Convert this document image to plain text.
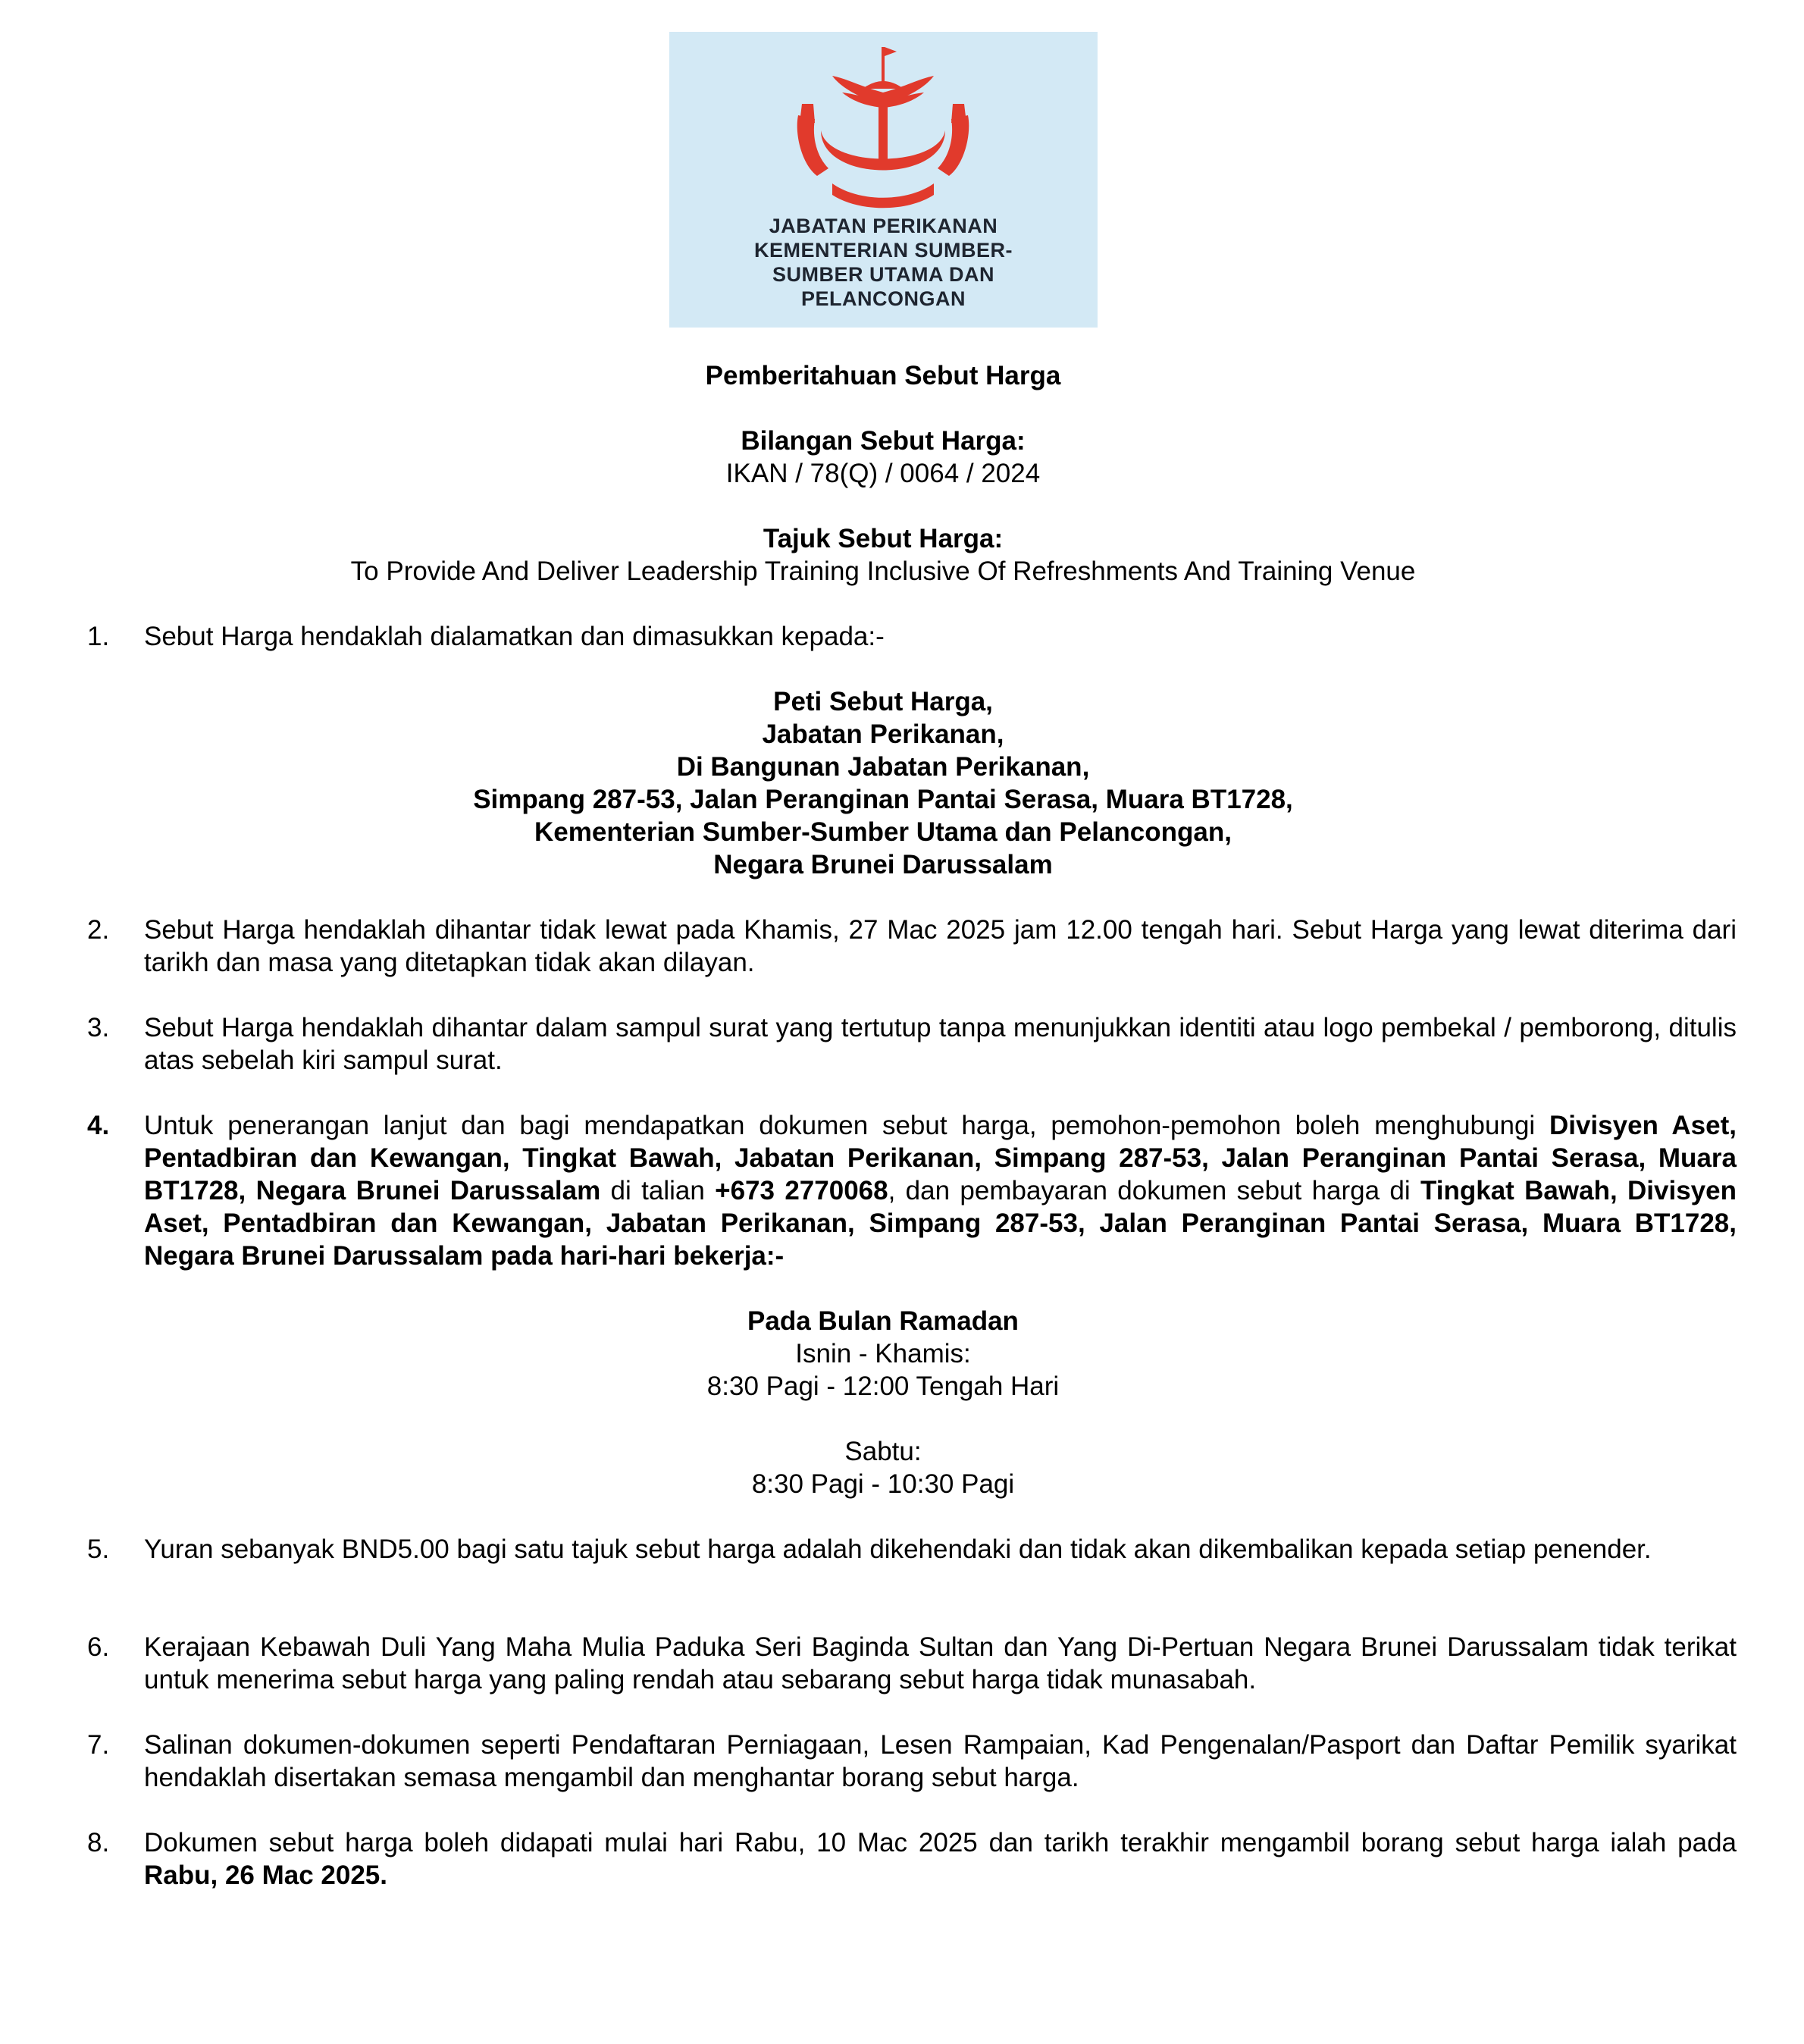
JABATAN PERIKANAN
KEMENTERIAN SUMBER-
SUMBER UTAMA DAN
PELANCONGAN
Pemberitahuan Sebut Harga
Bilangan Sebut Harga:
IKAN / 78(Q) / 0064 / 2024
Tajuk Sebut Harga:
To Provide And Deliver Leadership Training Inclusive Of Refreshments And Training Venue
1.	Sebut Harga hendaklah dialamatkan dan dimasukkan kepada:-
Peti Sebut Harga,
Jabatan Perikanan,
Di Bangunan Jabatan Perikanan,
Simpang 287-53, Jalan Peranginan Pantai Serasa, Muara BT1728,
Kementerian Sumber-Sumber Utama dan Pelancongan,
Negara Brunei Darussalam
2.	Sebut Harga hendaklah dihantar tidak lewat pada Khamis, 27 Mac 2025 jam 12.00 tengah hari. Sebut Harga yang lewat diterima dari tarikh dan masa yang ditetapkan tidak akan dilayan.
3.	Sebut Harga hendaklah dihantar dalam sampul surat yang tertutup tanpa menunjukkan identiti atau logo pembekal / pemborong, ditulis atas sebelah kiri sampul surat.
4.	Untuk penerangan lanjut dan bagi mendapatkan dokumen sebut harga, pemohon-pemohon boleh menghubungi Divisyen Aset, Pentadbiran dan Kewangan, Tingkat Bawah, Jabatan Perikanan, Simpang 287-53, Jalan Peranginan Pantai Serasa, Muara BT1728, Negara Brunei Darussalam di talian +673 2770068, dan pembayaran dokumen sebut harga di Tingkat Bawah, Divisyen Aset, Pentadbiran dan Kewangan, Jabatan Perikanan, Simpang 287-53, Jalan Peranginan Pantai Serasa, Muara BT1728, Negara Brunei Darussalam pada hari-hari bekerja:-
Pada Bulan Ramadan
Isnin - Khamis:
8:30 Pagi - 12:00 Tengah Hari
Sabtu:
8:30 Pagi - 10:30 Pagi
5.	Yuran sebanyak BND5.00 bagi satu tajuk sebut harga adalah dikehendaki dan tidak akan dikembalikan kepada setiap penender.
6.	Kerajaan Kebawah Duli Yang Maha Mulia Paduka Seri Baginda Sultan dan Yang Di-Pertuan Negara Brunei Darussalam tidak terikat untuk menerima sebut harga yang paling rendah atau sebarang sebut harga tidak munasabah.
7.	Salinan dokumen-dokumen seperti Pendaftaran Perniagaan, Lesen Rampaian, Kad Pengenalan/Pasport dan Daftar Pemilik syarikat hendaklah disertakan semasa mengambil dan menghantar borang sebut harga.
8.	Dokumen sebut harga boleh didapati mulai hari Rabu, 10 Mac 2025 dan tarikh terakhir mengambil borang sebut harga ialah pada Rabu, 26 Mac 2025.
